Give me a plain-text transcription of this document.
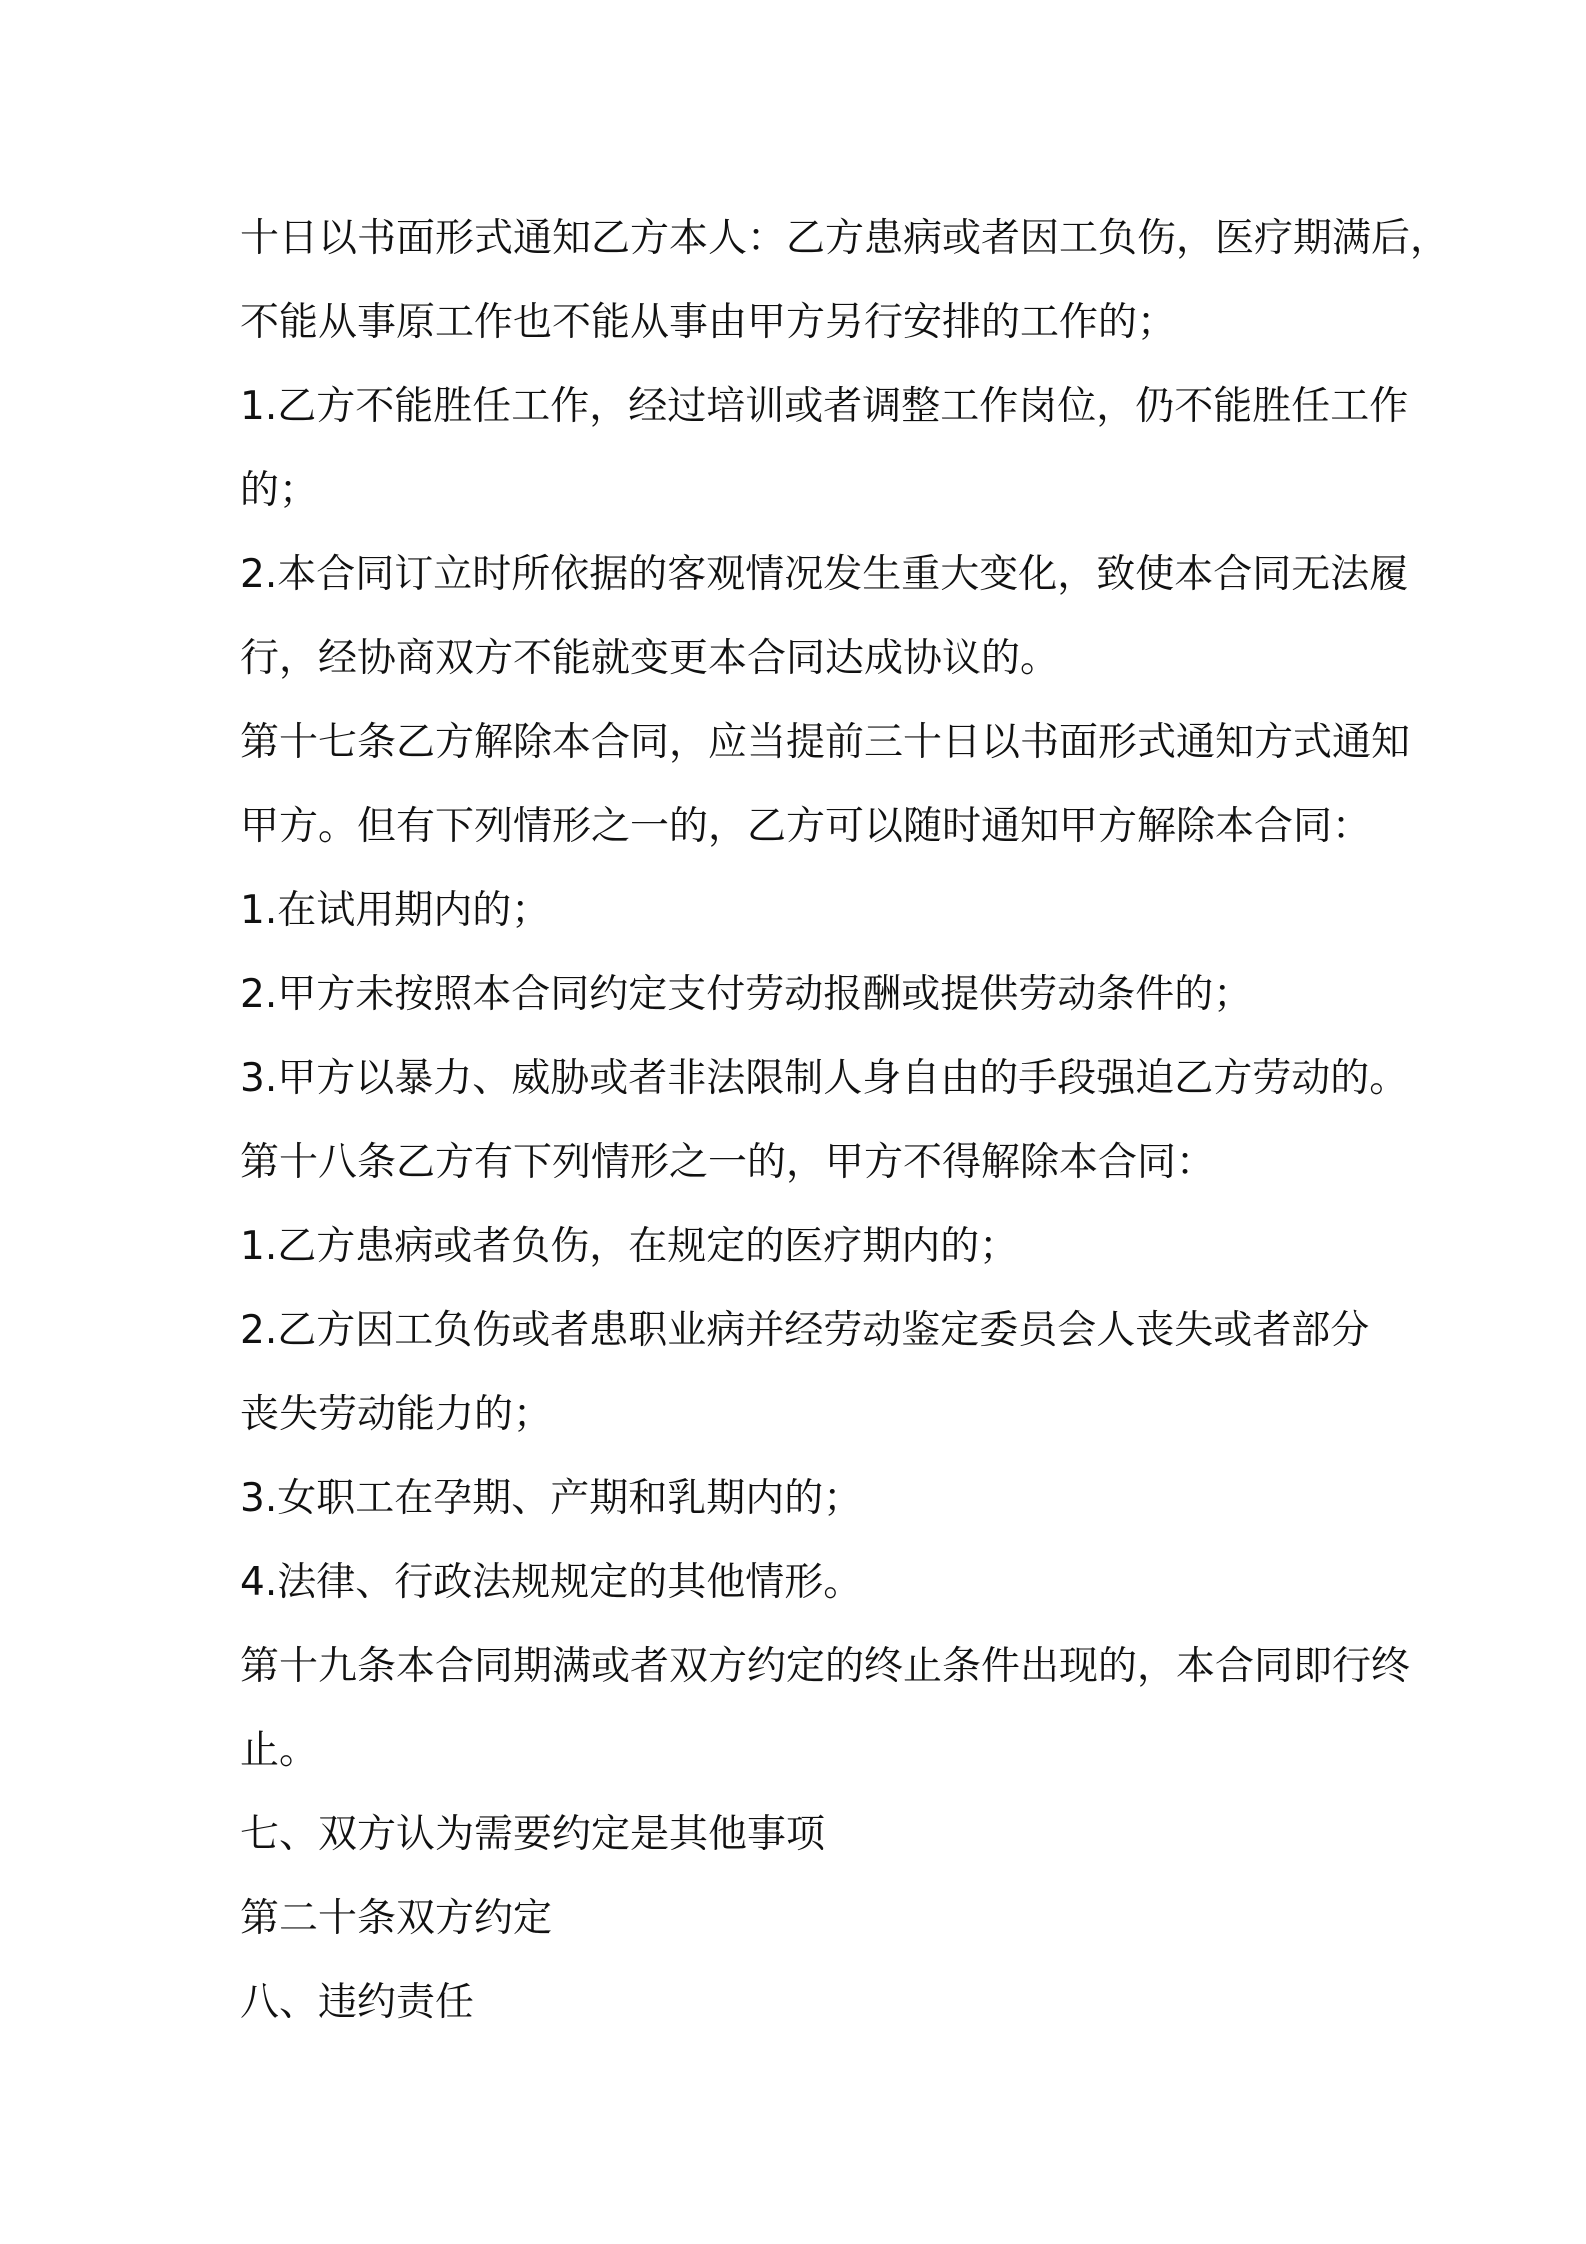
十日以书面形式通知乙方本人：乙方患病或者因工负伤，医疗期满后，
不能从事原工作也不能从事由甲方另行安排的工作的；
1.乙方不能胜任工作，经过培训或者调整工作岗位，仍不能胜任工作
的；
2.本合同订立时所依据的客观情况发生重大变化，致使本合同无法履
行，经协商双方不能就变更本合同达成协议的。
第十七条乙方解除本合同，应当提前三十日以书面形式通知方式通知
甲方。但有下列情形之一的，乙方可以随时通知甲方解除本合同：
1.在试用期内的；
2.甲方未按照本合同约定支付劳动报酬或提供劳动条件的；
3.甲方以暴力、威胁或者非法限制人身自由的手段强迫乙方劳动的。
第十八条乙方有下列情形之一的，甲方不得解除本合同：
1.乙方患病或者负伤，在规定的医疗期内的；
2.乙方因工负伤或者患职业病并经劳动鉴定委员会人丧失或者部分
丧失劳动能力的；
3.女职工在孕期、产期和乳期内的；
4.法律、行政法规规定的其他情形。
第十九条本合同期满或者双方约定的终止条件出现的，本合同即行终
止。
七、双方认为需要约定是其他事项
第二十条双方约定
八、违约责任
